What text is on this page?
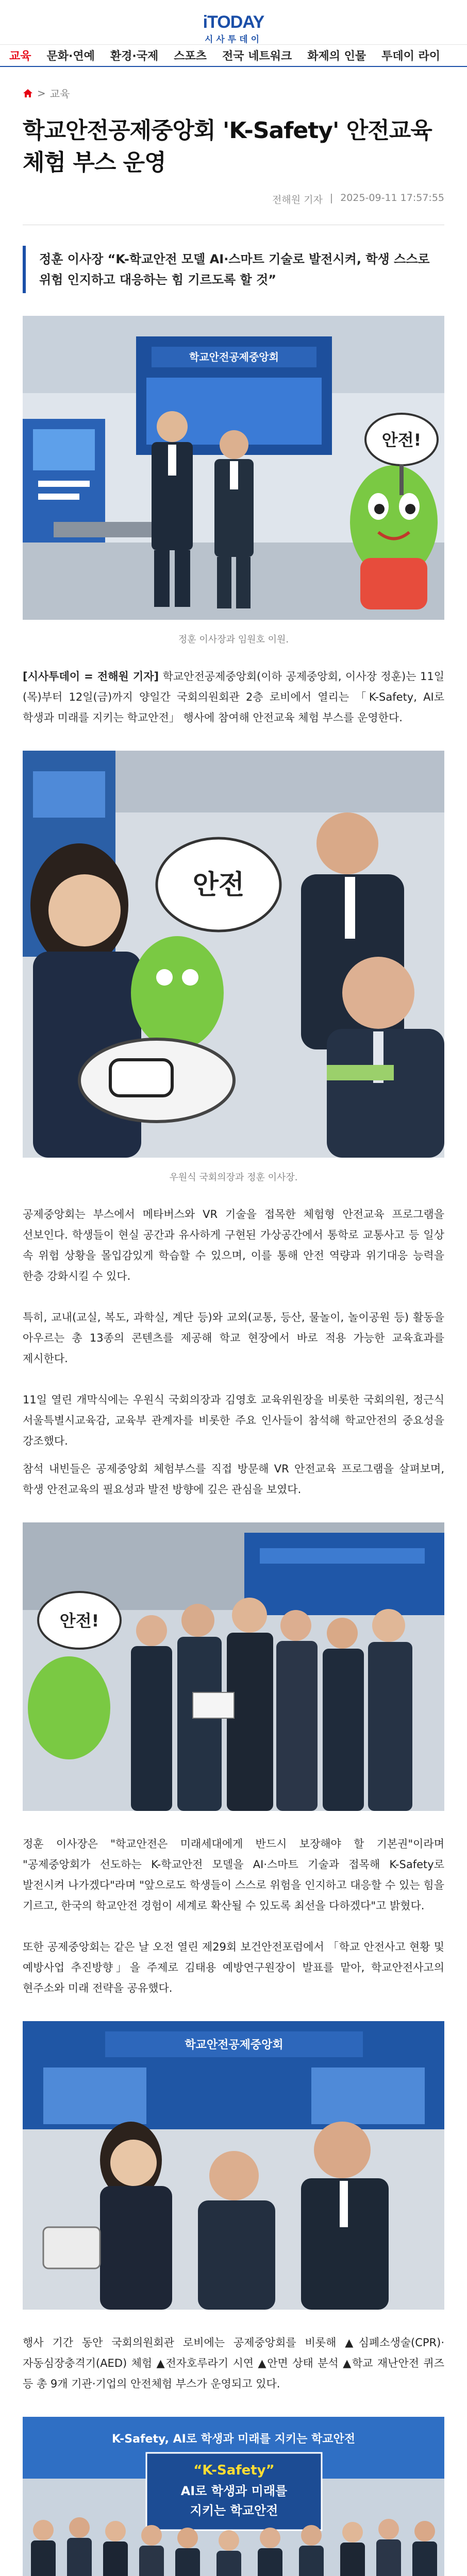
iTODAY
시사투데이
교육 문화·연예 환경·국제 스포츠 전국 네트워크 화제의 인물 투데이 라이
> 교육
학교안전공제중앙회 'K-Safety' 안전교육 체험 부스 운영
전해원 기자 | 2025-09-11 17:57:55
정훈 이사장 “K-학교안전 모델 AI·스마트 기술로 발전시켜, 학생 스스로 위험 인지하고 대응하는 힘 기르도록 할 것”
학교안전공제중앙회
안전!
정훈 이사장과 임원호 이원.

[시사투데이 = 전해원 기자] 학교안전공제중앙회(이하 공제중앙회, 이사장 정훈)는 11일(목)부터 12일(금)까지 양일간 국회의원회관 2층 로비에서 열리는 「K-Safety, AI로 학생과 미래를 지키는 학교안전」 행사에 참여해 안전교육 체험 부스를 운영한다.

안전
우원식 국회의장과 정훈 이사장.

공제중앙회는 부스에서 메타버스와 VR 기술을 접목한 체험형 안전교육 프로그램을 선보인다. 학생들이 현실 공간과 유사하게 구현된 가상공간에서 통학로 교통사고 등 일상 속 위험 상황을 몰입감있게 학습할 수 있으며, 이를 통해 안전 역량과 위기대응 능력을 한층 강화시킬 수 있다.

특히, 교내(교실, 복도, 과학실, 계단 등)와 교외(교통, 등산, 물놀이, 놀이공원 등) 활동을 아우르는 총 13종의 콘텐츠를 제공해 학교 현장에서 바로 적용 가능한 교육효과를 제시한다.

11일 열린 개막식에는 우원식 국회의장과 김영호 교육위원장을 비롯한 국회의원, 정근식 서울특별시교육감, 교육부 관계자를 비롯한 주요 인사들이 참석해 학교안전의 중요성을 강조했다.

참석 내빈들은 공제중앙회 체험부스를 직접 방문해 VR 안전교육 프로그램을 살펴보며, 학생 안전교육의 필요성과 발전 방향에 깊은 관심을 보였다.

안전!

정훈 이사장은 "학교안전은 미래세대에게 반드시 보장해야 할 기본권"이라며 "공제중앙회가 선도하는 K-학교안전 모델을 AI·스마트 기술과 접목해 K-Safety로 발전시켜 나가겠다"라며 "앞으로도 학생들이 스스로 위험을 인지하고 대응할 수 있는 힘을 기르고, 한국의 학교안전 경험이 세계로 확산될 수 있도록 최선을 다하겠다"고 밝혔다.

또한 공제중앙회는 같은 날 오전 열린 제29회 보건안전포럼에서 「학교 안전사고 현황 및 예방사업 추진방향」을 주제로 김태용 예방연구원장이 발표를 맡아, 학교안전사고의 현주소와 미래 전략을 공유했다.

학교안전공제중앙회

행사 기간 동안 국회의원회관 로비에는 공제중앙회를 비롯해 ▲심폐소생술(CPR)·자동심장충격기(AED) 체험 ▲전자호루라기 시연 ▲안면 상태 분석 ▲학교 재난안전 퀴즈 등 총 9개 기관·기업의 안전체험 부스가 운영되고 있다.

K-Safety, AI로 학생과 미래를 지키는 학교안전
“K-Safety”
AI로 학생과 미래를
지키는 학교안전
